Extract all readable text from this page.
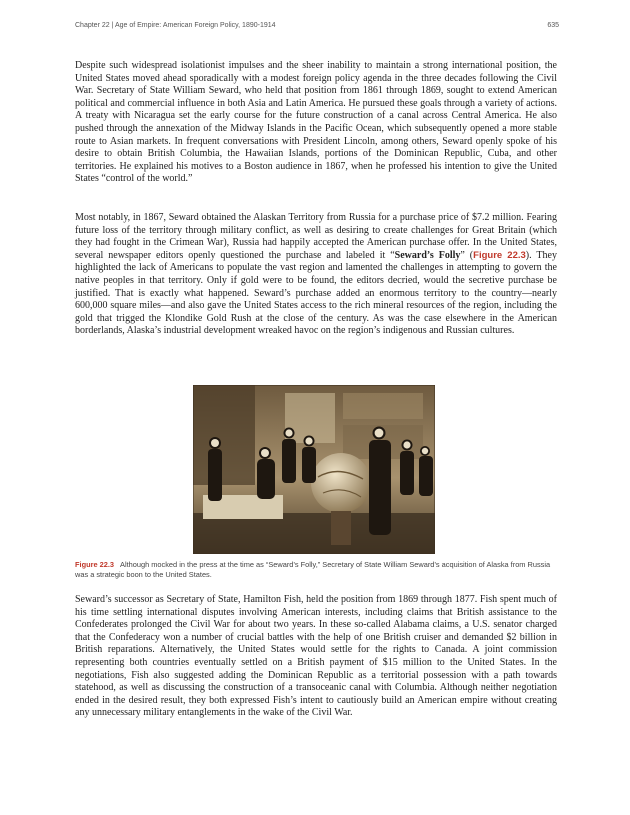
Chapter 22 | Age of Empire: American Foreign Policy, 1890-1914	635

Despite such widespread isolationist impulses and the sheer inability to maintain a strong international position, the United States moved ahead sporadically with a modest foreign policy agenda in the three decades following the Civil War. Secretary of State William Seward, who held that position from 1861 through 1869, sought to extend American political and commercial influence in both Asia and Latin America. He pursued these goals through a variety of actions. A treaty with Nicaragua set the early course for the future construction of a canal across Central America. He also pushed through the annexation of the Midway Islands in the Pacific Ocean, which subsequently opened a more stable route to Asian markets. In frequent conversations with President Lincoln, among others, Seward openly spoke of his desire to obtain British Columbia, the Hawaiian Islands, portions of the Dominican Republic, Cuba, and other territories. He explained his motives to a Boston audience in 1867, when he professed his intention to give the United States “control of the world.”

Most notably, in 1867, Seward obtained the Alaskan Territory from Russia for a purchase price of $7.2 million. Fearing future loss of the territory through military conflict, as well as desiring to create challenges for Great Britain (which they had fought in the Crimean War), Russia had happily accepted the American purchase offer. In the United States, several newspaper editors openly questioned the purchase and labeled it “Seward’s Folly” (Figure 22.3). They highlighted the lack of Americans to populate the vast region and lamented the challenges in attempting to govern the native peoples in that territory. Only if gold were to be found, the editors decried, would the secretive purchase be justified. That is exactly what happened. Seward’s purchase added an enormous territory to the country—nearly 600,000 square miles—and also gave the United States access to the rich mineral resources of the region, including the gold that trigged the Klondike Gold Rush at the close of the century. As was the case elsewhere in the American borderlands, Alaska’s industrial development wreaked havoc on the region’s indigenous and Russian cultures.

Figure 22.3 Although mocked in the press at the time as “Seward’s Folly,” Secretary of State William Seward’s acquisition of Alaska from Russia was a strategic boon to the United States.

Seward’s successor as Secretary of State, Hamilton Fish, held the position from 1869 through 1877. Fish spent much of his time settling international disputes involving American interests, including claims that British assistance to the Confederates prolonged the Civil War for about two years. In these so-called Alabama claims, a U.S. senator charged that the Confederacy won a number of crucial battles with the help of one British cruiser and demanded $2 billion in British reparations. Alternatively, the United States would settle for the rights to Canada. A joint commission representing both countries eventually settled on a British payment of $15 million to the United States. In the negotiations, Fish also suggested adding the Dominican Republic as a territorial possession with a path towards statehood, as well as discussing the construction of a transoceanic canal with Columbia. Although neither negotiation ended in the desired result, they both expressed Fish’s intent to cautiously build an American empire without creating any unnecessary military entanglements in the wake of the Civil War.
